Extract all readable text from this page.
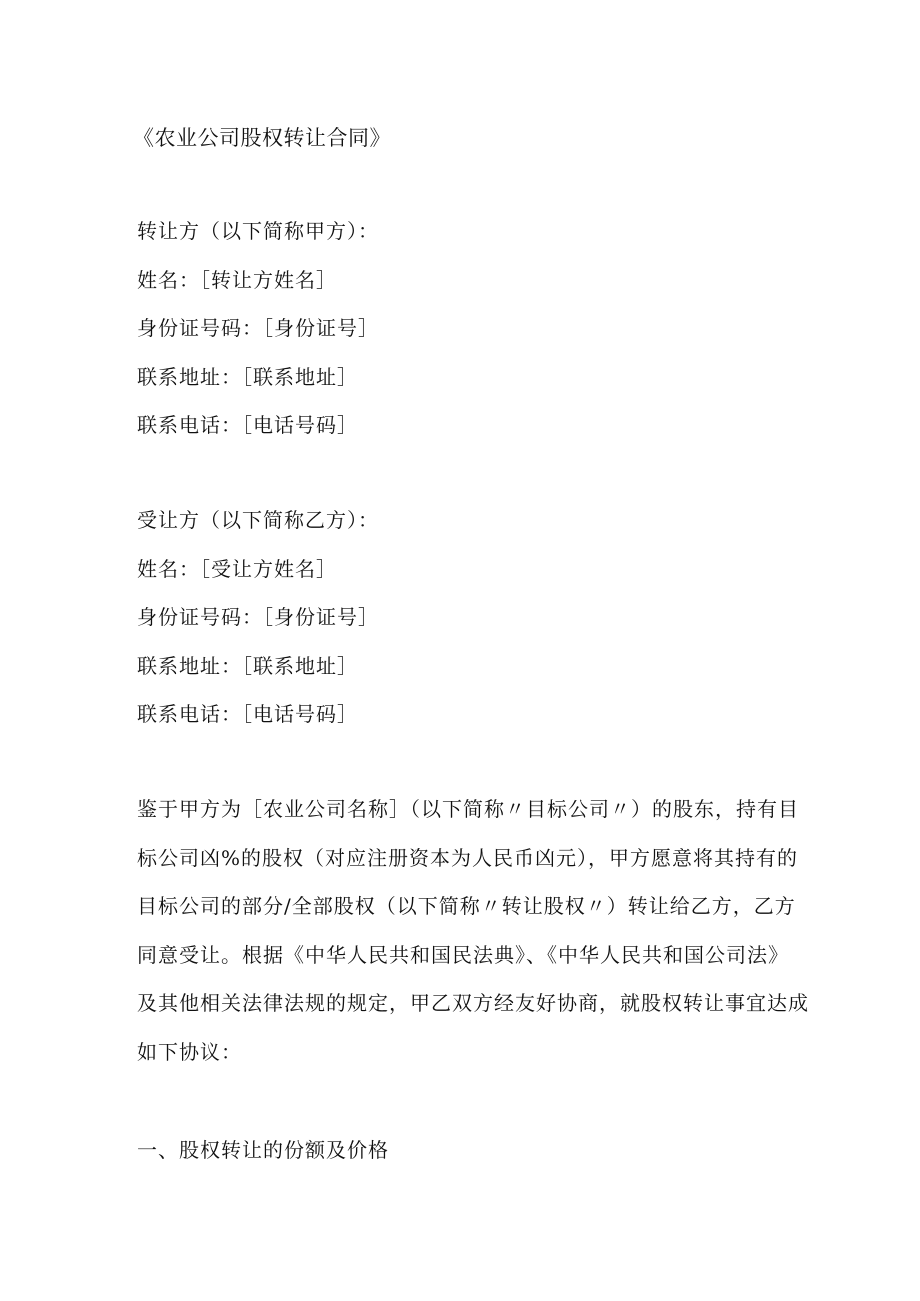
《农业公司股权转让合同》
转让方（以下简称甲方）：
姓名：［转让方姓名］
身份证号码：［身份证号］
联系地址：［联系地址］
联系电话：［电话号码］
受让方（以下简称乙方）：
姓名：［受让方姓名］
身份证号码：［身份证号］
联系地址：［联系地址］
联系电话：［电话号码］
鉴于甲方为［农业公司名称］（以下简称〃目标公司〃）的股东，持有目
标公司凶%的股权（对应注册资本为人民币凶元），甲方愿意将其持有的
目标公司的部分/全部股权（以下简称〃转让股权〃）转让给乙方，乙方
同意受让。根据《中华人民共和国民法典》、《中华人民共和国公司法》
及其他相关法律法规的规定，甲乙双方经友好协商，就股权转让事宜达成
如下协议：
一、股权转让的份额及价格
